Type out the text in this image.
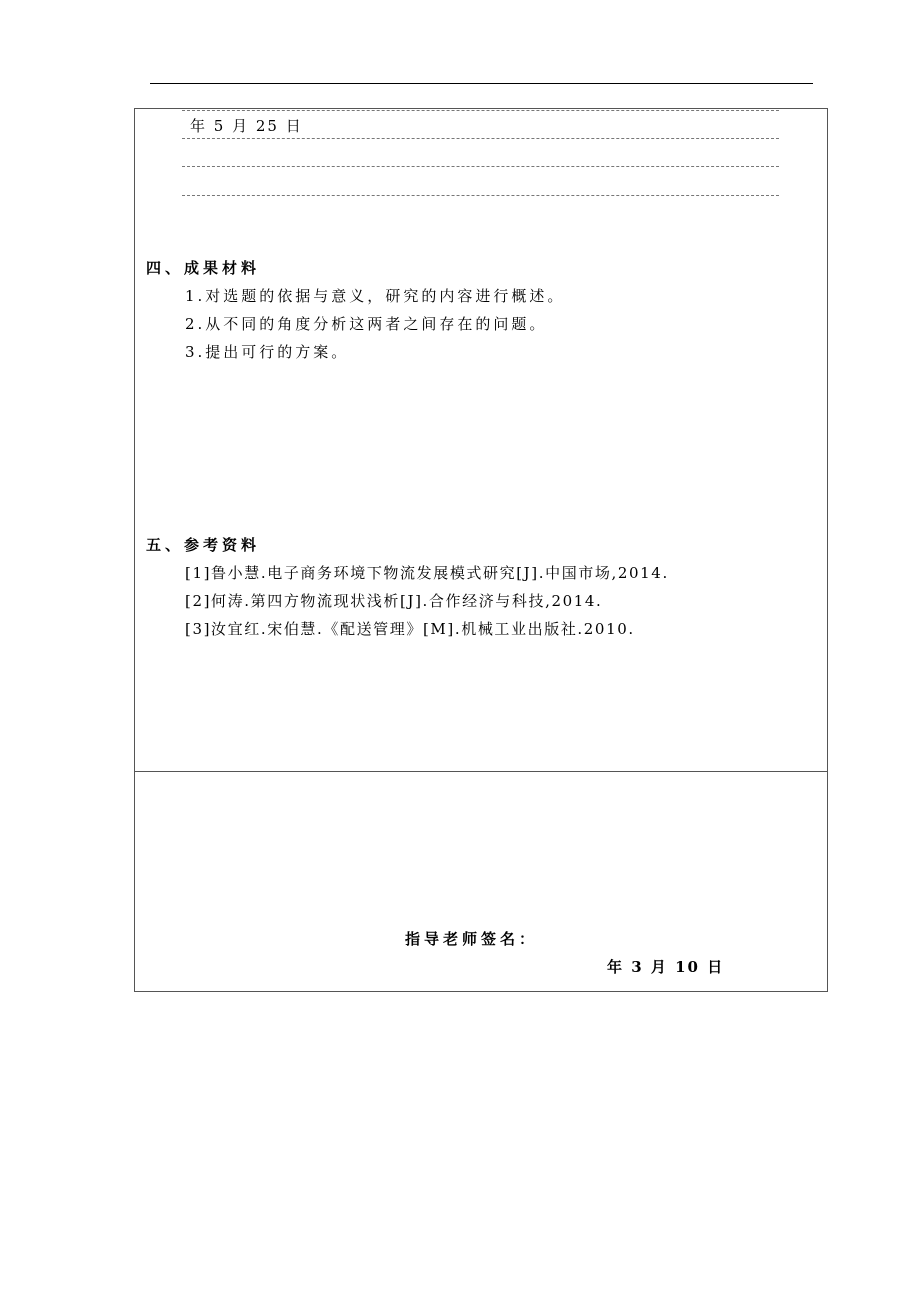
年 5 月 25 日
四、成果材料
1.对选题的依据与意义，研究的内容进行概述。
2.从不同的角度分析这两者之间存在的问题。
3.提出可行的方案。
五、参考资料
[1]鲁小慧.电子商务环境下物流发展模式研究[J].中国市场,2014.
[2]何涛.第四方物流现状浅析[J].合作经济与科技,2014.
[3]汝宜红.宋伯慧.《配送管理》[M].机械工业出版社.2010.
指导老师签名：
年 3 月 10 日
